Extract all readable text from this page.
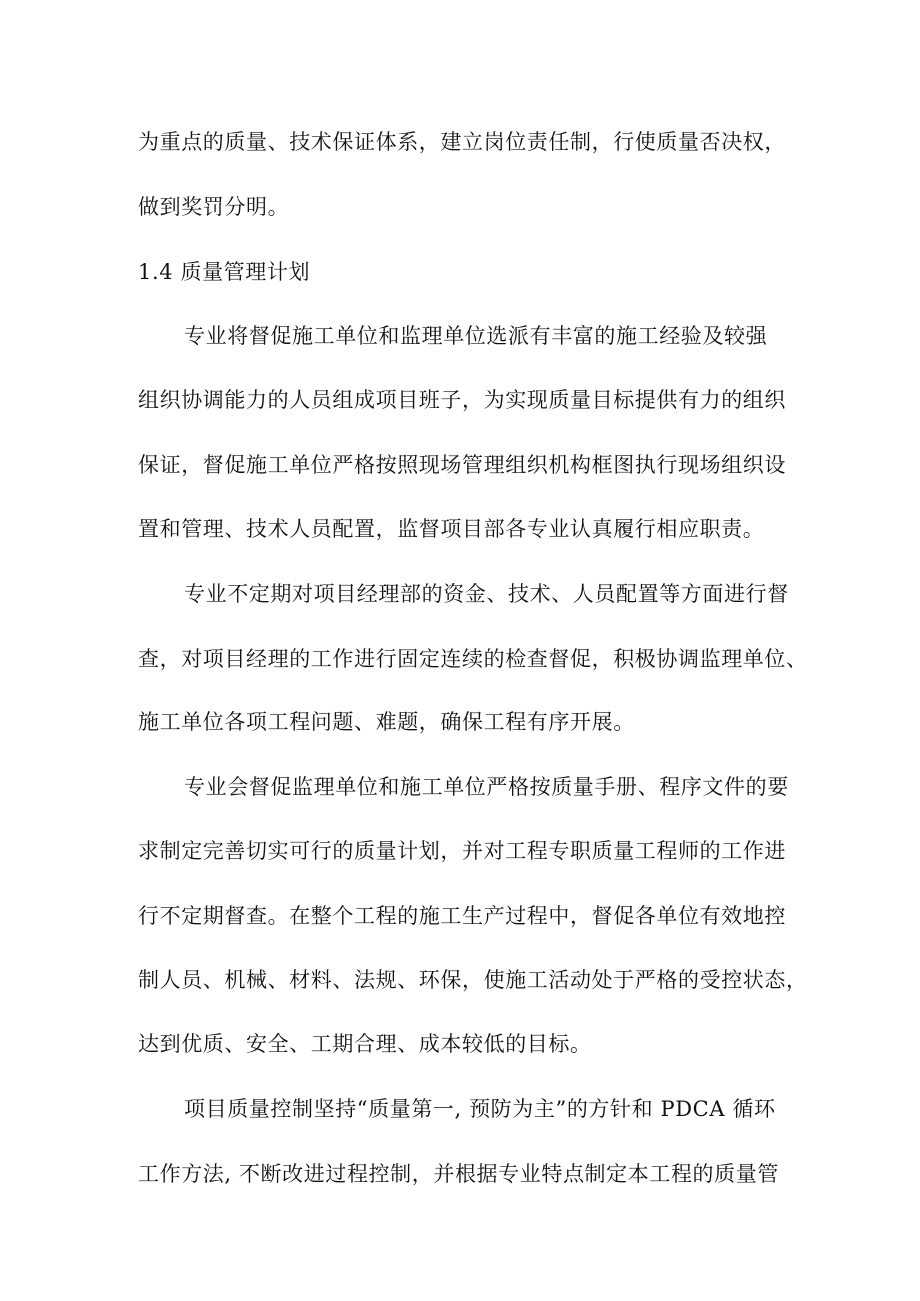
为重点的质量、技术保证体系，建立岗位责任制，行使质量否决权，
做到奖罚分明。
1.4 质量管理计划
专业将督促施工单位和监理单位选派有丰富的施工经验及较强
组织协调能力的人员组成项目班子，为实现质量目标提供有力的组织
保证，督促施工单位严格按照现场管理组织机构框图执行现场组织设
置和管理、技术人员配置，监督项目部各专业认真履行相应职责。
专业不定期对项目经理部的资金、技术、人员配置等方面进行督
查，对项目经理的工作进行固定连续的检查督促，积极协调监理单位、
施工单位各项工程问题、难题，确保工程有序开展。
专业会督促监理单位和施工单位严格按质量手册、程序文件的要
求制定完善切实可行的质量计划，并对工程专职质量工程师的工作进
行不定期督查。在整个工程的施工生产过程中，督促各单位有效地控
制人员、机械、材料、法规、环保，使施工活动处于严格的受控状态，
达到优质、安全、工期合理、成本较低的目标。
项目质量控制坚持“质量第一, 预防为主”的方针和 PDCA 循环
工作方法, 不断改进过程控制，并根据专业特点制定本工程的质量管
